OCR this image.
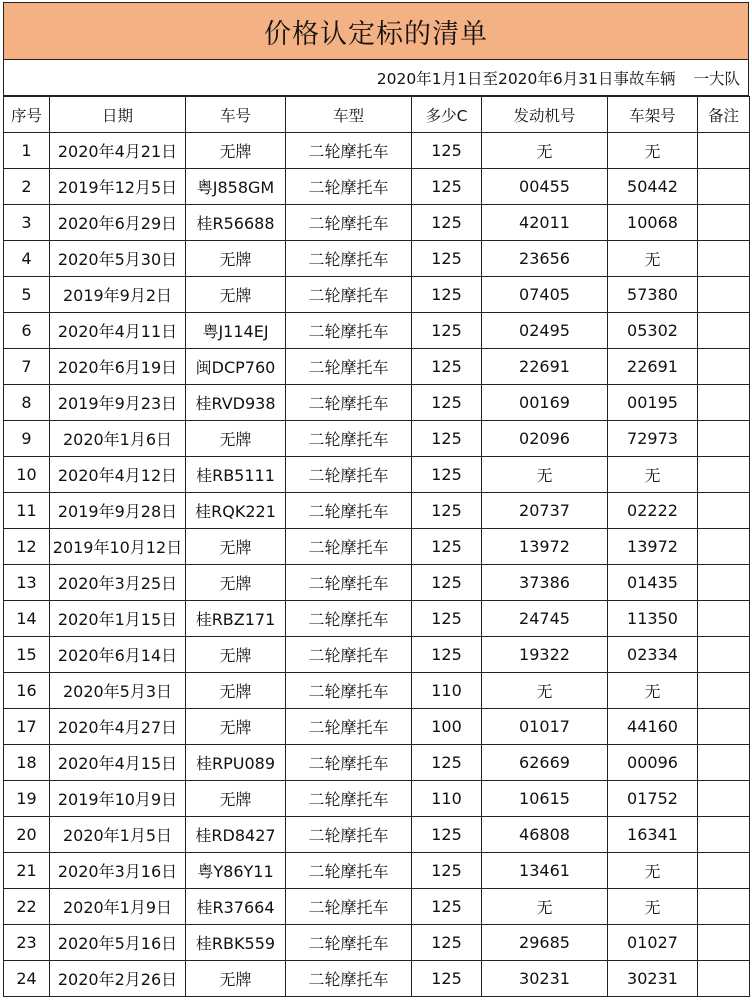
价格认定标的清单
2020年1月1日至2020年6月31日事故车辆 一大队
序号	日期	车号	车型	多少C	发动机号	车架号	备注
1	2020年4月21日	无牌	二轮摩托车	125	无	无	
2	2019年12月5日	粤J858GM	二轮摩托车	125	00455	50442	
3	2020年6月29日	桂R56688	二轮摩托车	125	42011	10068	
4	2020年5月30日	无牌	二轮摩托车	125	23656	无	
5	2019年9月2日	无牌	二轮摩托车	125	07405	57380	
6	2020年4月11日	粤J114EJ	二轮摩托车	125	02495	05302	
7	2020年6月19日	闽DCP760	二轮摩托车	125	22691	22691	
8	2019年9月23日	桂RVD938	二轮摩托车	125	00169	00195	
9	2020年1月6日	无牌	二轮摩托车	125	02096	72973	
10	2020年4月12日	桂RB5111	二轮摩托车	125	无	无	
11	2019年9月28日	桂RQK221	二轮摩托车	125	20737	02222	
12	2019年10月12日	无牌	二轮摩托车	125	13972	13972	
13	2020年3月25日	无牌	二轮摩托车	125	37386	01435	
14	2020年1月15日	桂RBZ171	二轮摩托车	125	24745	11350	
15	2020年6月14日	无牌	二轮摩托车	125	19322	02334	
16	2020年5月3日	无牌	二轮摩托车	110	无	无	
17	2020年4月27日	无牌	二轮摩托车	100	01017	44160	
18	2020年4月15日	桂RPU089	二轮摩托车	125	62669	00096	
19	2019年10月9日	无牌	二轮摩托车	110	10615	01752	
20	2020年1月5日	桂RD8427	二轮摩托车	125	46808	16341	
21	2020年3月16日	粤Y86Y11	二轮摩托车	125	13461	无	
22	2020年1月9日	桂R37664	二轮摩托车	125	无	无	
23	2020年5月16日	桂RBK559	二轮摩托车	125	29685	01027	
24	2020年2月26日	无牌	二轮摩托车	125	30231	30231	
